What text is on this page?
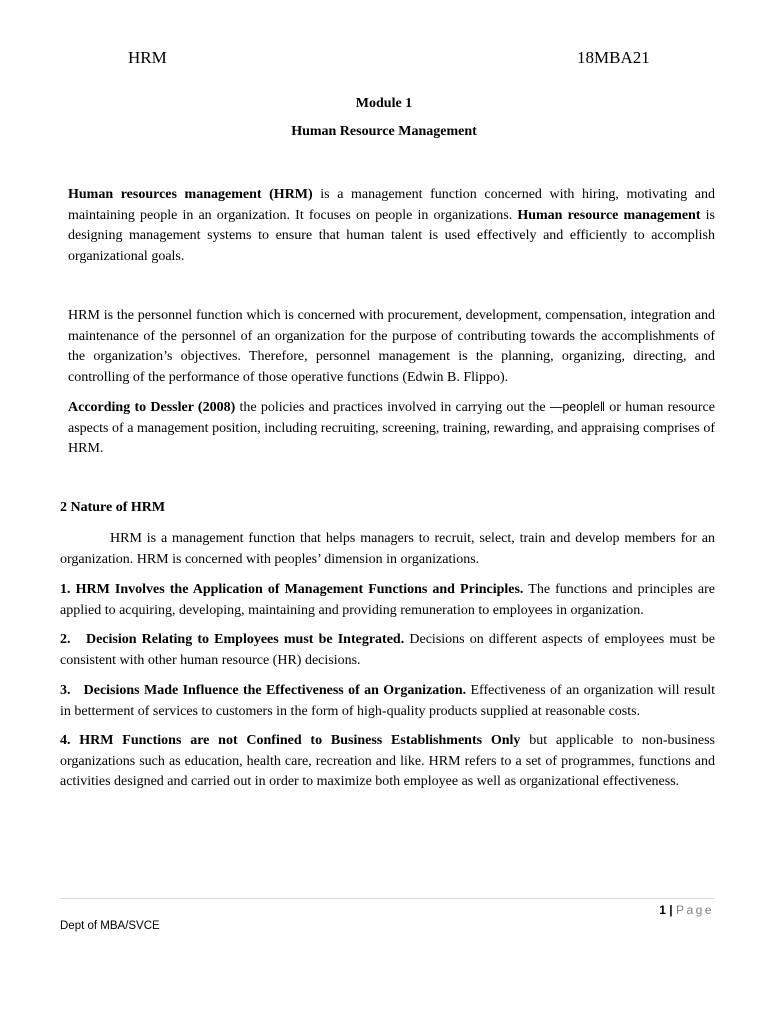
HRM	18MBA21
Module 1
Human Resource Management

Human resources management (HRM) is a management function concerned with hiring, motivating and maintaining people in an organization. It focuses on people in organizations. Human resource management is designing management systems to ensure that human talent is used effectively and efficiently to accomplish organizational goals.

HRM is the personnel function which is concerned with procurement, development, compensation, integration and maintenance of the personnel of an organization for the purpose of contributing towards the accomplishments of the organization’s objectives. Therefore, personnel management is the planning, organizing, directing, and controlling of the performance of those operative functions (Edwin B. Flippo).

According to Dessler (2008) the policies and practices involved in carrying out the ―people‖ or human resource aspects of a management position, including recruiting, screening, training, rewarding, and appraising comprises of HRM.

2 Nature of HRM

HRM is a management function that helps managers to recruit, select, train and develop members for an organization. HRM is concerned with peoples’ dimension in organizations.

1. HRM Involves the Application of Management Functions and Principles. The functions and principles are applied to acquiring, developing, maintaining and providing remuneration to employees in organization.

2.   Decision Relating to Employees must be Integrated. Decisions on different aspects of employees must be consistent with other human resource (HR) decisions.

3.   Decisions Made Influence the Effectiveness of an Organization. Effectiveness of an organization will result in betterment of services to customers in the form of high-quality products supplied at reasonable costs.

4. HRM Functions are not Confined to Business Establishments Only but applicable to non-business organizations such as education, health care, recreation and like. HRM refers to a set of programmes, functions and activities designed and carried out in order to maximize both employee as well as organizational effectiveness.

1 | Page
Dept of MBA/SVCE
